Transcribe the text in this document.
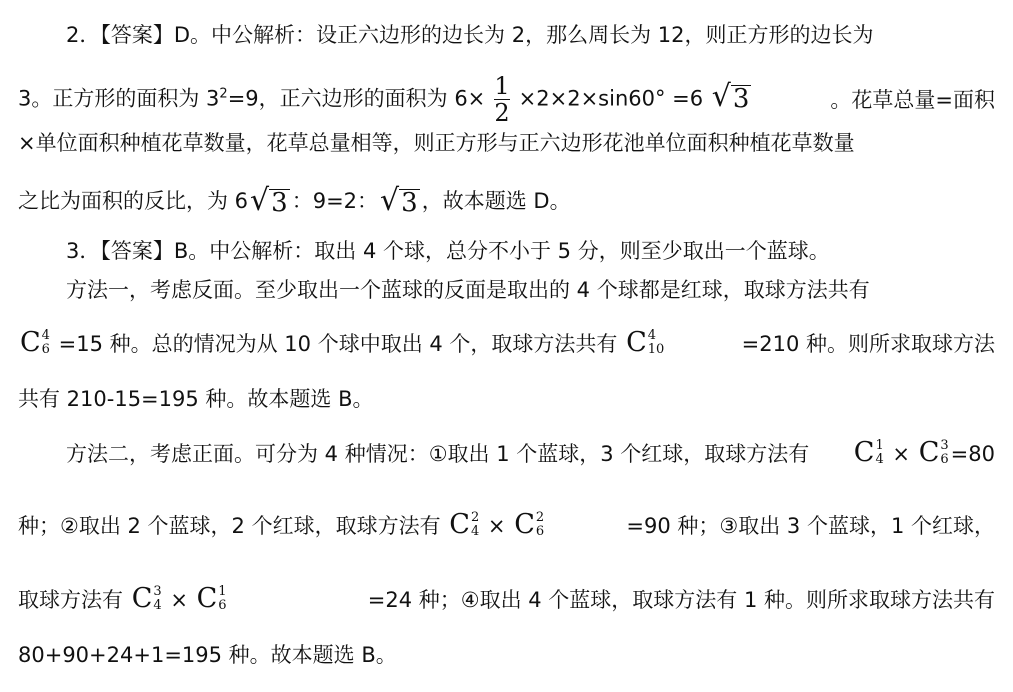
2．【答案】D。中公解析：设正六边形的边长为 2，那么周长为 12，则正方形的边长为
3。正方形的面积为 $3^2=9$，正六边形的面积为 $6\times \frac{1}{2} \times 2\times 2\times\sin 60^\circ =6$ √ 3	。花草总量=面积
×单位面积种植花草数量，花草总量相等，则正方形与正六边形花池单位面积种植花草数量
之比为面积的反比，为 6 √ 3 ：9=2： √ 3 ，故本题选 D。
3．【答案】B。中公解析：取出 4 个球，总分不小于 5 分，则至少取出一个蓝球。
方法一，考虑反面。至少取出一个蓝球的反面是取出的 4 个球都是红球，取球方法共有
C 4
6 =15 种。总的情况为从 10 个球中取出 4 个，取球方法共有 C 4
10	=210 种。则所求取球方法
共有 210-15=195 种。故本题选 B。
方法二，考虑正面。可分为 4 种情况：①取出 1 个蓝球，3 个红球，取球方法有 C 1
4 × C 3
6 =80
种；②取出 2 个蓝球，2 个红球，取球方法有 C 2
4 × C 2
6	=90 种；③取出 3 个蓝球，1 个红球，
取球方法有 C 3
4 × C 1
6	=24 种；④取出 4 个蓝球，取球方法有 1 种。则所求取球方法共有
80+90+24+1=195 种。故本题选 B。
